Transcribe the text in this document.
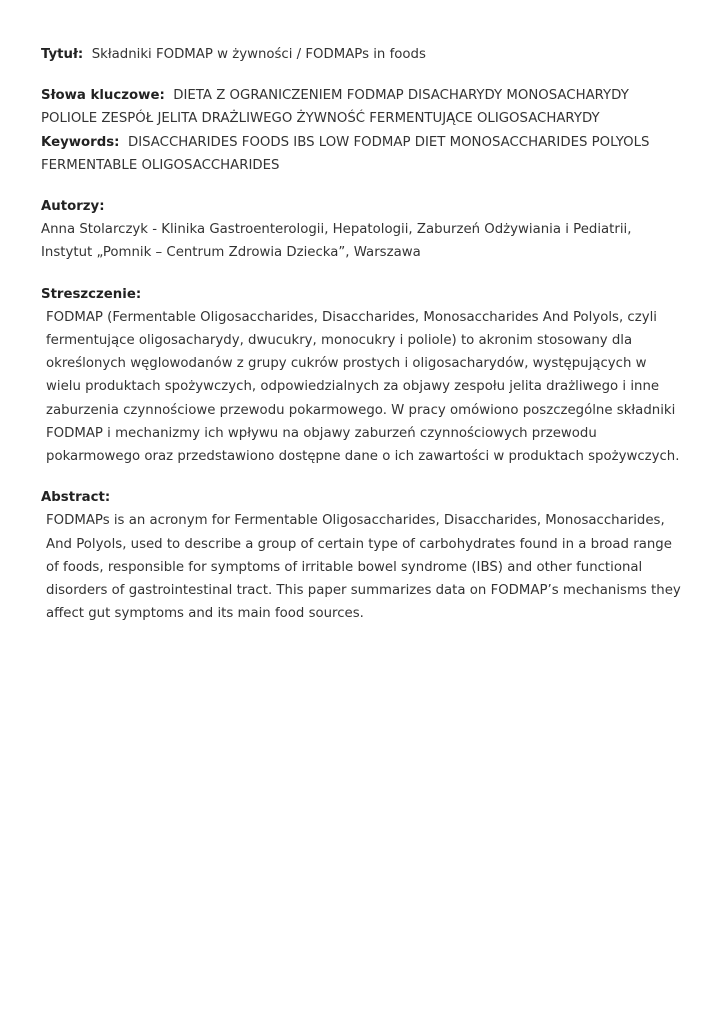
Tytuł: Składniki FODMAP w żywności / FODMAPs in foods
Słowa kluczowe: DIETA Z OGRANICZENIEM FODMAP DISACHARYDY MONOSACHARYDY POLIOLE ZESPÓŁ JELITA DRAŻLIWEGO ŻYWNOŚĆ FERMENTUJĄCE OLIGOSACHARYDY
Keywords: DISACCHARIDES FOODS IBS LOW FODMAP DIET MONOSACCHARIDES POLYOLS FERMENTABLE OLIGOSACCHARIDES
Autorzy:
Anna Stolarczyk - Klinika Gastroenterologii, Hepatologii, Zaburzeń Odżywiania i Pediatrii, Instytut „Pomnik – Centrum Zdrowia Dziecka”, Warszawa
Streszczenie:
FODMAP (Fermentable Oligosaccharides, Disaccharides, Monosaccharides And Polyols, czyli fermentujące oligosacharydy, dwucukry, monocukry i poliole) to akronim stosowany dla określonych węglowodanów z grupy cukrów prostych i oligosacharydów, występujących w wielu produktach spożywczych, odpowiedzialnych za objawy zespołu jelita drażliwego i inne zaburzenia czynnościowe przewodu pokarmowego. W pracy omówiono poszczególne składniki FODMAP i mechanizmy ich wpływu na objawy zaburzeń czynnościowych przewodu pokarmowego oraz przedstawiono dostępne dane o ich zawartości w produktach spożywczych.
Abstract:
FODMAPs is an acronym for Fermentable Oligosaccharides, Disaccharides, Monosaccharides, And Polyols, used to describe a group of certain type of carbohydrates found in a broad range of foods, responsible for symptoms of irritable bowel syndrome (IBS) and other functional disorders of gastrointestinal tract. This paper summarizes data on FODMAP’s mechanisms they affect gut symptoms and its main food sources.
